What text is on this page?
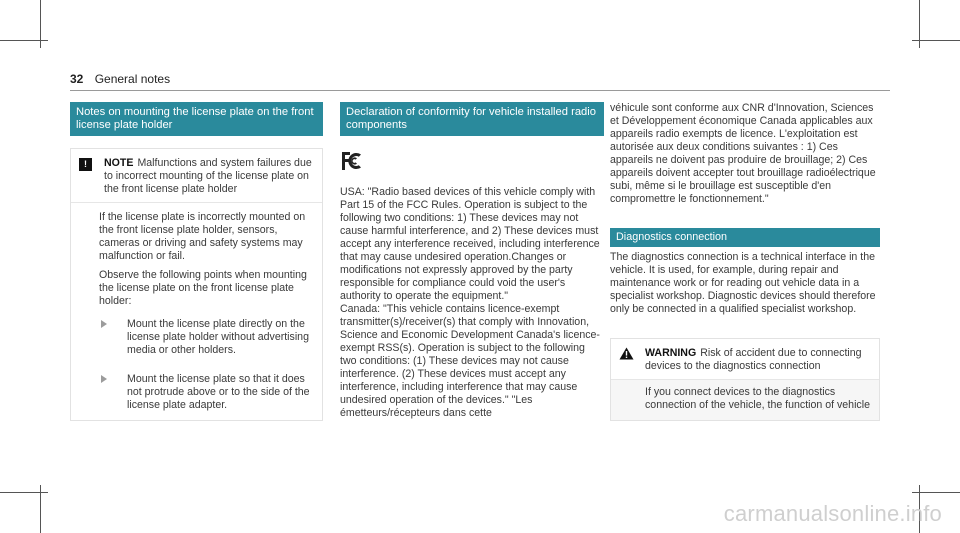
32 General notes
Notes on mounting the license plate on the front license plate holder
!	NOTE Malfunctions and system failures due to incorrect mounting of the license plate on the front license plate holder

If the license plate is incorrectly mounted on the front license plate holder, sensors, cameras or driving and safety systems may malfunction or fail.

Observe the following points when mounting the license plate on the front license plate holder:

Mount the license plate directly on the license plate holder without advertising media or other holders.
Mount the license plate so that it does not protrude above or to the side of the license plate adapter.
Declaration of conformity for vehicle installed radio components

USA: "Radio based devices of this vehicle comply with Part 15 of the FCC Rules. Operation is subject to the following two conditions: 1) These devices may not cause harmful interference, and 2) These devices must accept any interference received, including interference that may cause undesired operation.Changes or modifications not expressly approved by the party responsible for compliance could void the user's authority to operate the equipment."

Canada: "This vehicle contains licence-exempt transmitter(s)/receiver(s) that comply with Innovation, Science and Economic Development Canada's licence-exempt RSS(s). Operation is subject to the following two conditions: (1) These devices may not cause interference. (2) These devices must accept any interference, including interference that may cause undesired operation of the devices." "Les émetteurs/récepteurs dans cette

véhicule sont conforme aux CNR d'Innovation, Sciences et Développement économique Canada applicables aux appareils radio exempts de licence. L'exploitation est autorisée aux deux conditions suivantes : 1) Ces appareils ne doivent pas produire de brouillage; 2) Ces appareils doivent accepter tout brouillage radioélectrique subi, même si le brouillage est susceptible d'en compromettre le fonctionnement."

Diagnostics connection

The diagnostics connection is a technical interface in the vehicle. It is used, for example, during repair and maintenance work or for reading out vehicle data in a specialist workshop. Diagnostic devices should therefore only be connected in a qualified specialist workshop.

WARNING Risk of accident due to connecting devices to the diagnostics connection
If you connect devices to the diagnostics connection of the vehicle, the function of vehicle
carmanualsonline.info
